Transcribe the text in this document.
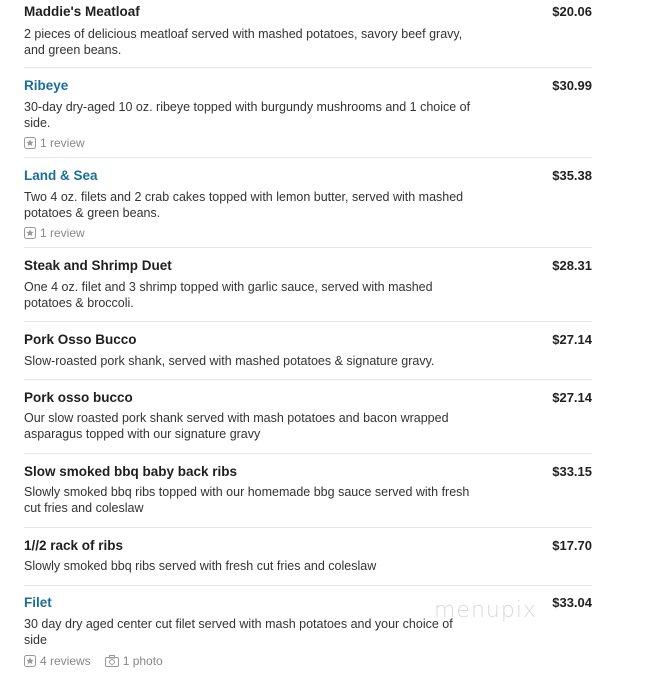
Maddie's Meatloaf	$20.06
2 pieces of delicious meatloaf served with mashed potatoes, savory beef gravy, and green beans.
Ribeye	$30.99
30-day dry-aged 10 oz. ribeye topped with burgundy mushrooms and 1 choice of side.
1 review
Land & Sea	$35.38
Two 4 oz. filets and 2 crab cakes topped with lemon butter, served with mashed potatoes & green beans.
1 review
Steak and Shrimp Duet	$28.31
One 4 oz. filet and 3 shrimp topped with garlic sauce, served with mashed potatoes & broccoli.
Pork Osso Bucco	$27.14
Slow-roasted pork shank, served with mashed potatoes & signature gravy.
Pork osso bucco	$27.14
Our slow roasted pork shank served with mash potatoes and bacon wrapped asparagus topped with our signature gravy
Slow smoked bbq baby back ribs	$33.15
Slowly smoked bbq ribs topped with our homemade bbg sauce served with fresh cut fries and coleslaw
1//2 rack of ribs	$17.70
Slowly smoked bbq ribs served with fresh cut fries and coleslaw
Filet	$33.04
30 day dry aged center cut filet served with mash potatoes and your choice of side
4 reviews	1 photo
menupix
